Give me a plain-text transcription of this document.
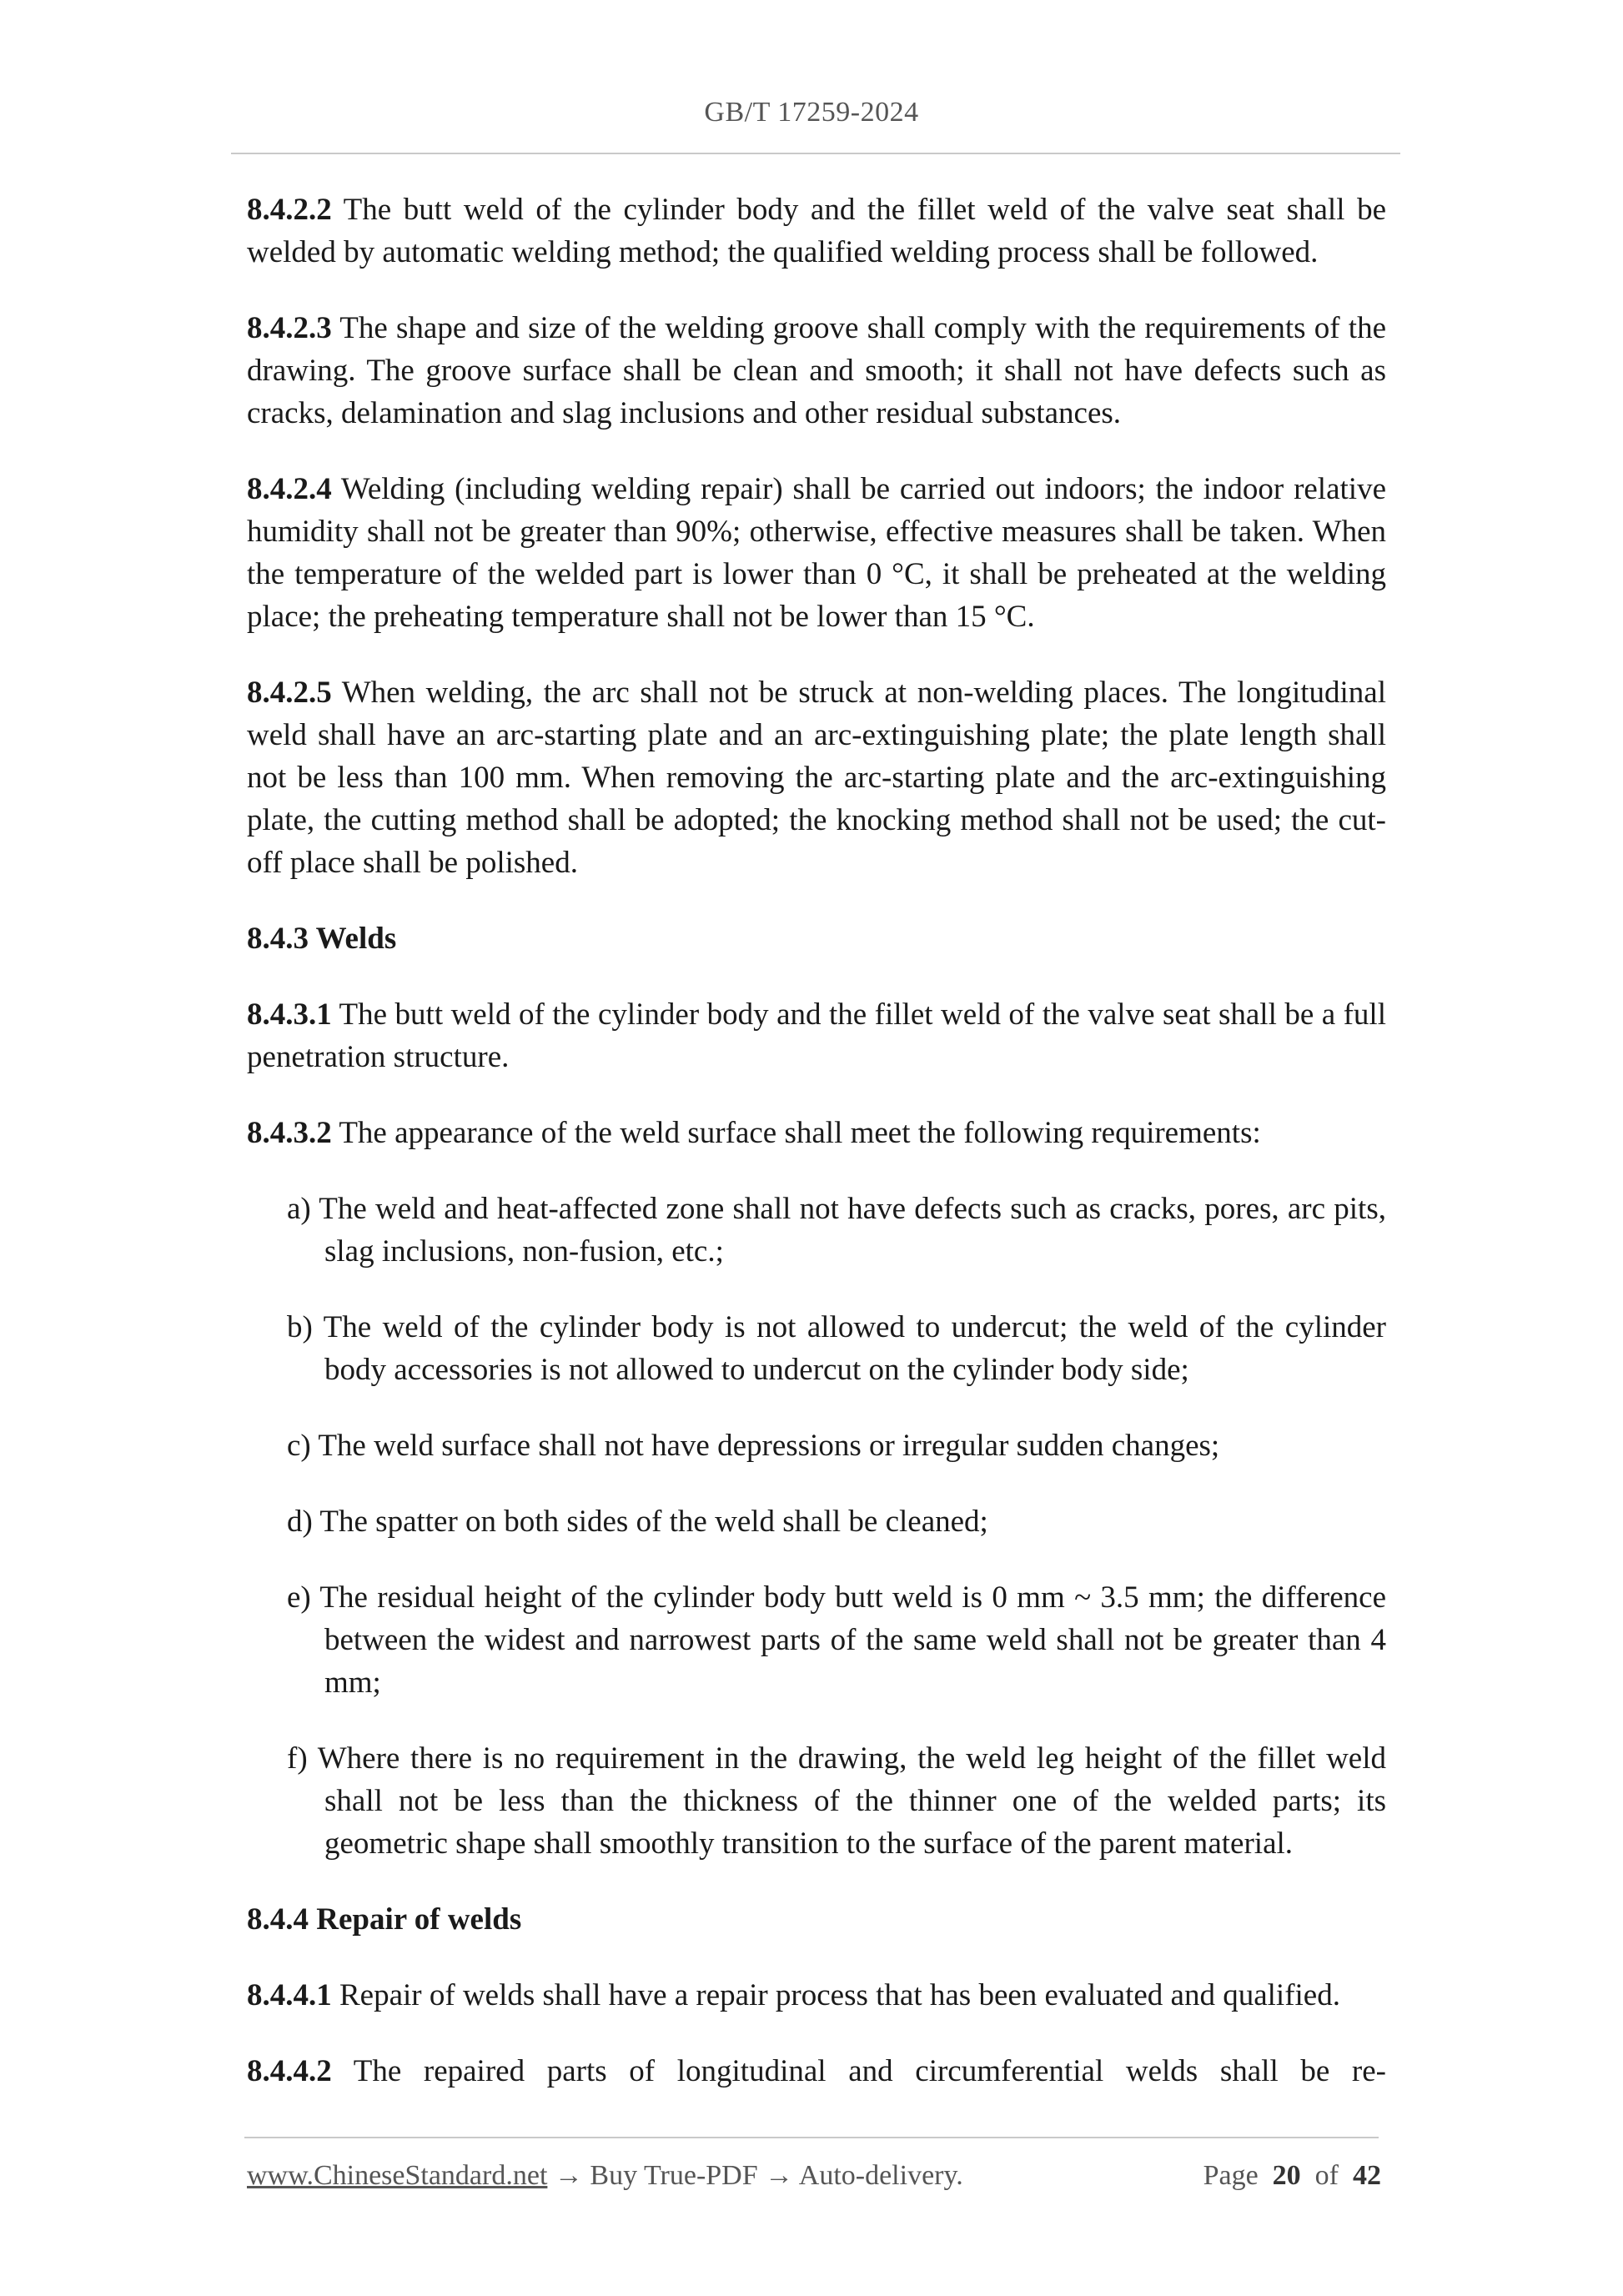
GB/T 17259-2024

8.4.2.2 The butt weld of the cylinder body and the fillet weld of the valve seat shall be welded by automatic welding method; the qualified welding process shall be followed.

8.4.2.3 The shape and size of the welding groove shall comply with the requirements of the drawing. The groove surface shall be clean and smooth; it shall not have defects such as cracks, delamination and slag inclusions and other residual substances.

8.4.2.4 Welding (including welding repair) shall be carried out indoors; the indoor relative humidity shall not be greater than 90%; otherwise, effective measures shall be taken. When the temperature of the welded part is lower than 0 °C, it shall be preheated at the welding place; the preheating temperature shall not be lower than 15 °C.

8.4.2.5 When welding, the arc shall not be struck at non-welding places. The longitudinal weld shall have an arc-starting plate and an arc-extinguishing plate; the plate length shall not be less than 100 mm. When removing the arc-starting plate and the arc-extinguishing plate, the cutting method shall be adopted; the knocking method shall not be used; the cut-off place shall be polished.

8.4.3 Welds

8.4.3.1 The butt weld of the cylinder body and the fillet weld of the valve seat shall be a full penetration structure.

8.4.3.2 The appearance of the weld surface shall meet the following requirements:

a) The weld and heat-affected zone shall not have defects such as cracks, pores, arc pits, slag inclusions, non-fusion, etc.;

b) The weld of the cylinder body is not allowed to undercut; the weld of the cylinder body accessories is not allowed to undercut on the cylinder body side;

c) The weld surface shall not have depressions or irregular sudden changes;

d) The spatter on both sides of the weld shall be cleaned;

e) The residual height of the cylinder body butt weld is 0 mm ~ 3.5 mm; the difference between the widest and narrowest parts of the same weld shall not be greater than 4 mm;

f) Where there is no requirement in the drawing, the weld leg height of the fillet weld shall not be less than the thickness of the thinner one of the welded parts; its geometric shape shall smoothly transition to the surface of the parent material.

8.4.4 Repair of welds

8.4.4.1 Repair of welds shall have a repair process that has been evaluated and qualified.

8.4.4.2 The repaired parts of longitudinal and circumferential welds shall be re-

www.ChineseStandard.net → Buy True-PDF → Auto-delivery.	Page 20 of 42
